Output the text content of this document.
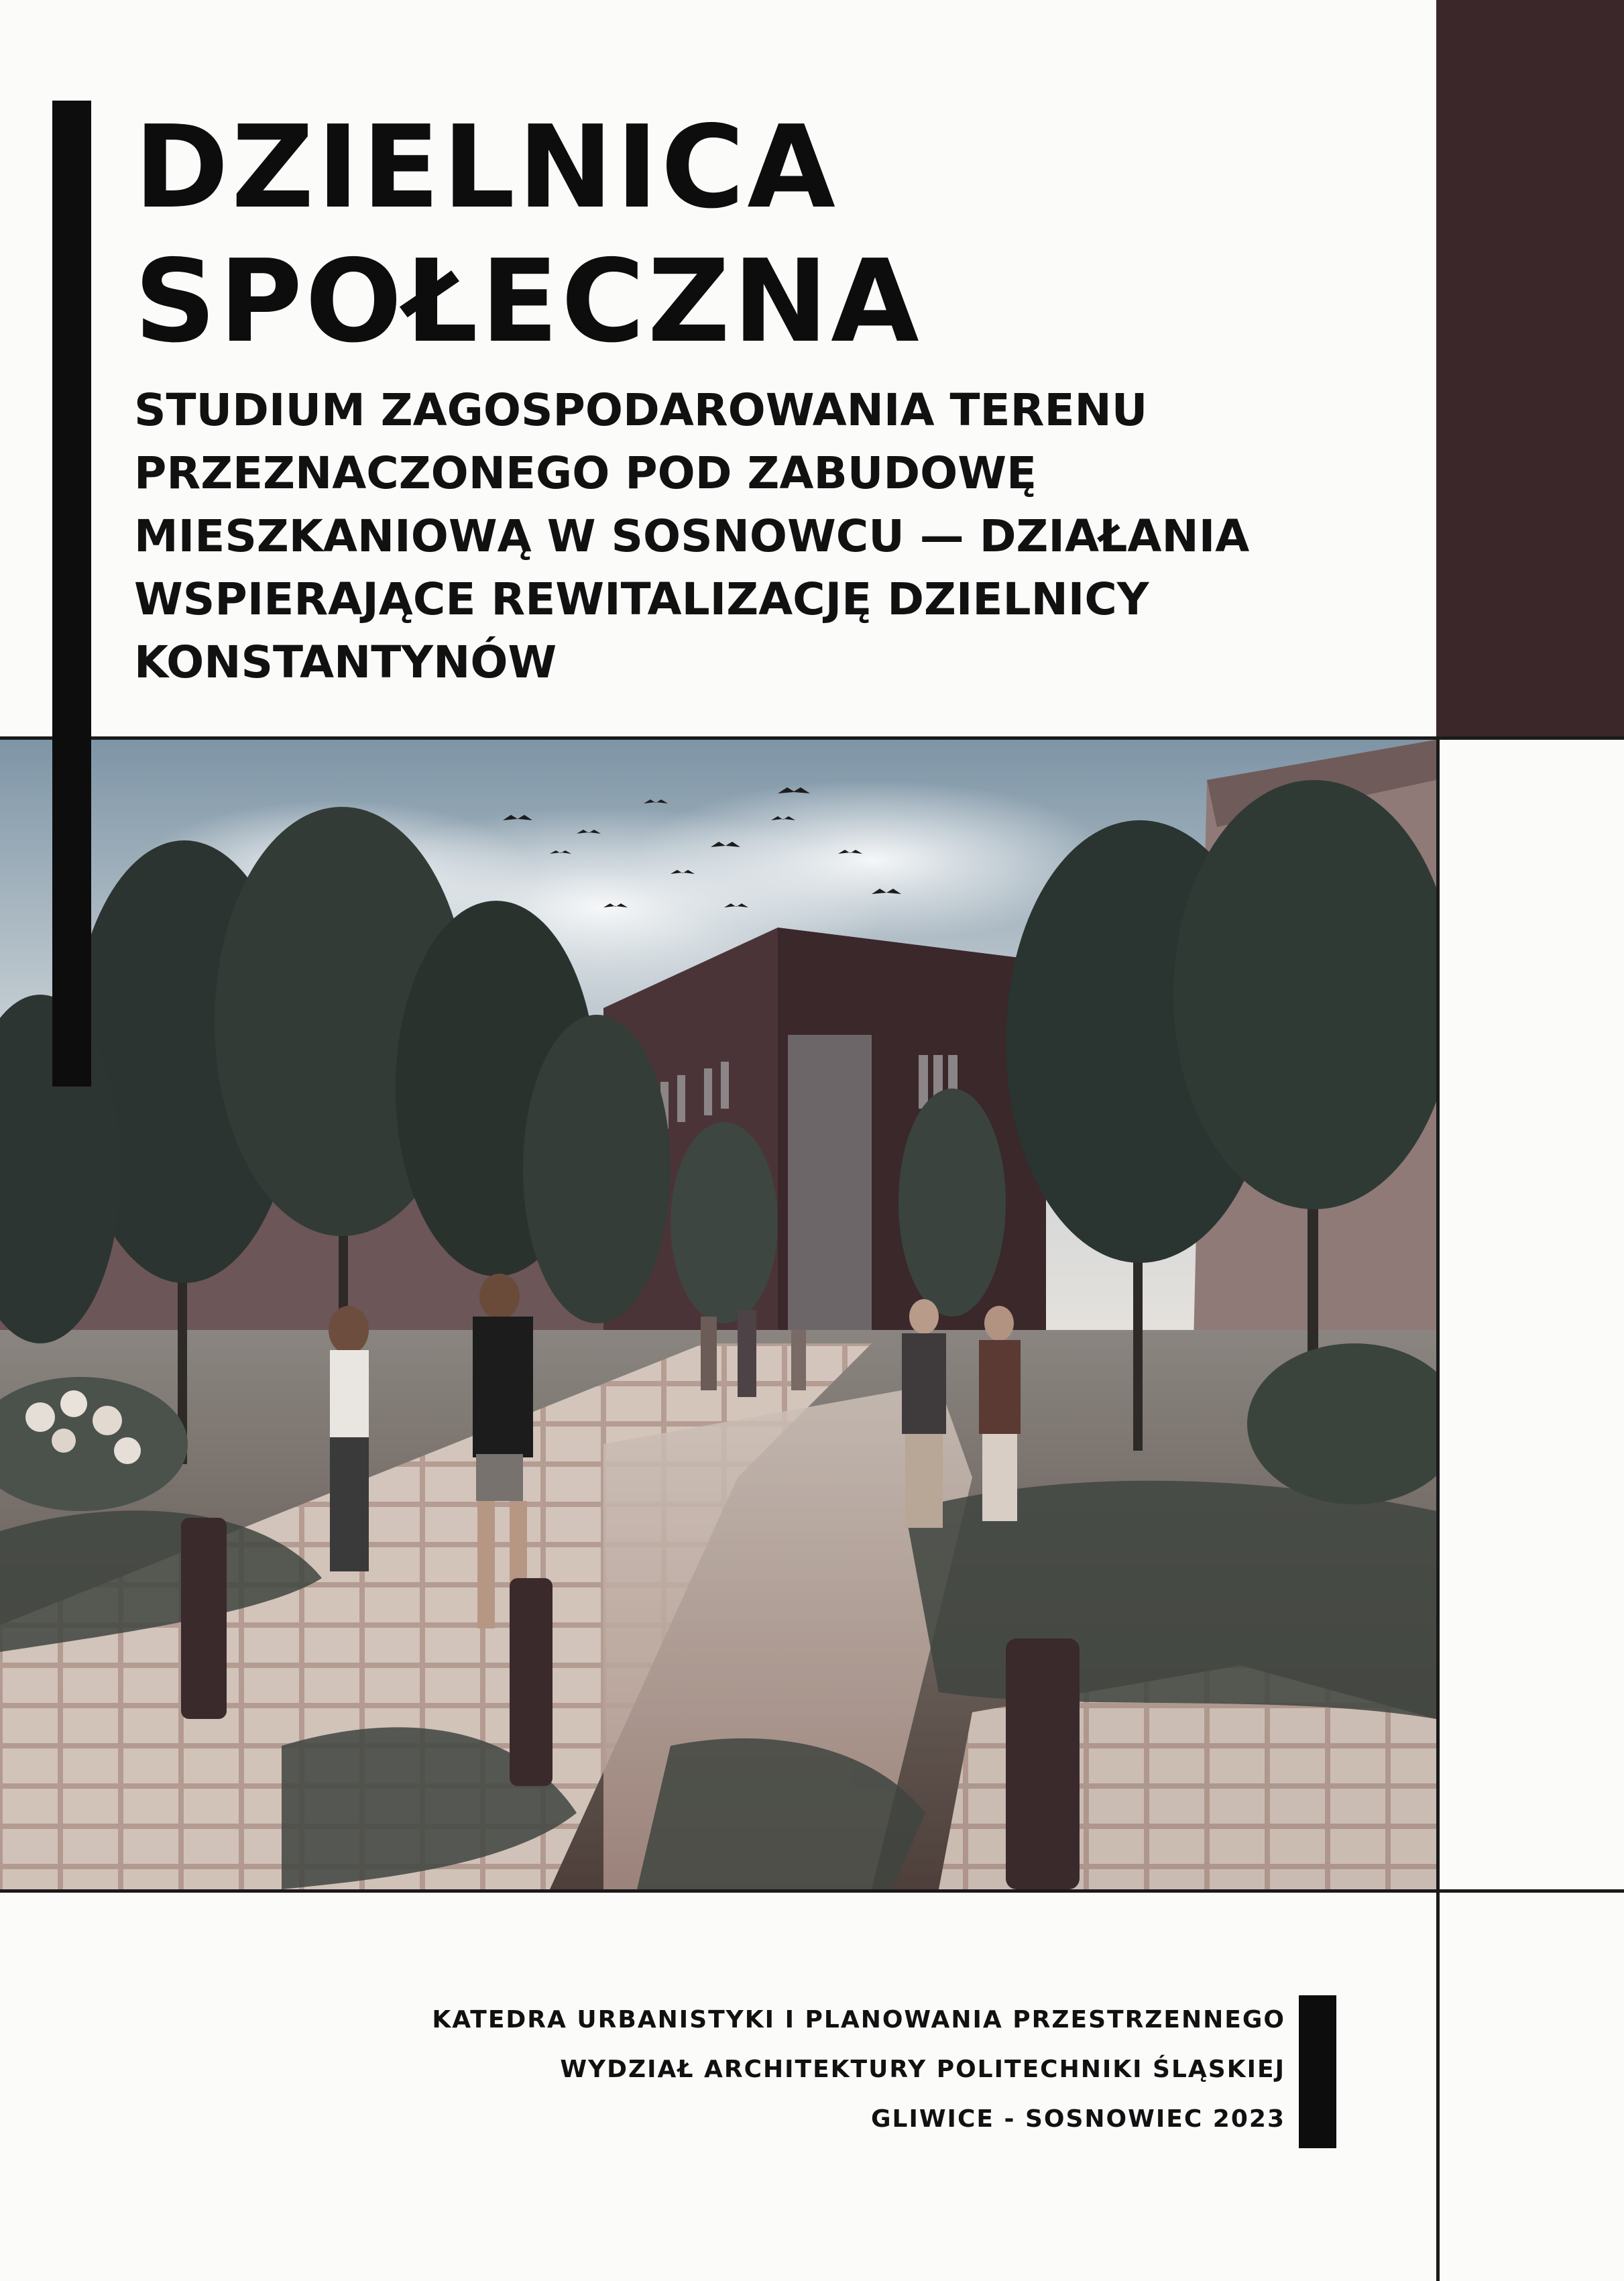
DZIELNICA
SPOŁECZNA
STUDIUM ZAGOSPODAROWANIA TERENU
PRZEZNACZONEGO POD ZABUDOWĘ
MIESZKANIOWĄ W SOSNOWCU — DZIAŁANIA
WSPIERAJĄCE REWITALIZACJĘ DZIELNICY
KONSTANTYNÓW
KATEDRA URBANISTYKI I PLANOWANIA PRZESTRZENNEGO
WYDZIAŁ ARCHITEKTURY POLITECHNIKI ŚLĄSKIEJ
GLIWICE - SOSNOWIEC 2023
